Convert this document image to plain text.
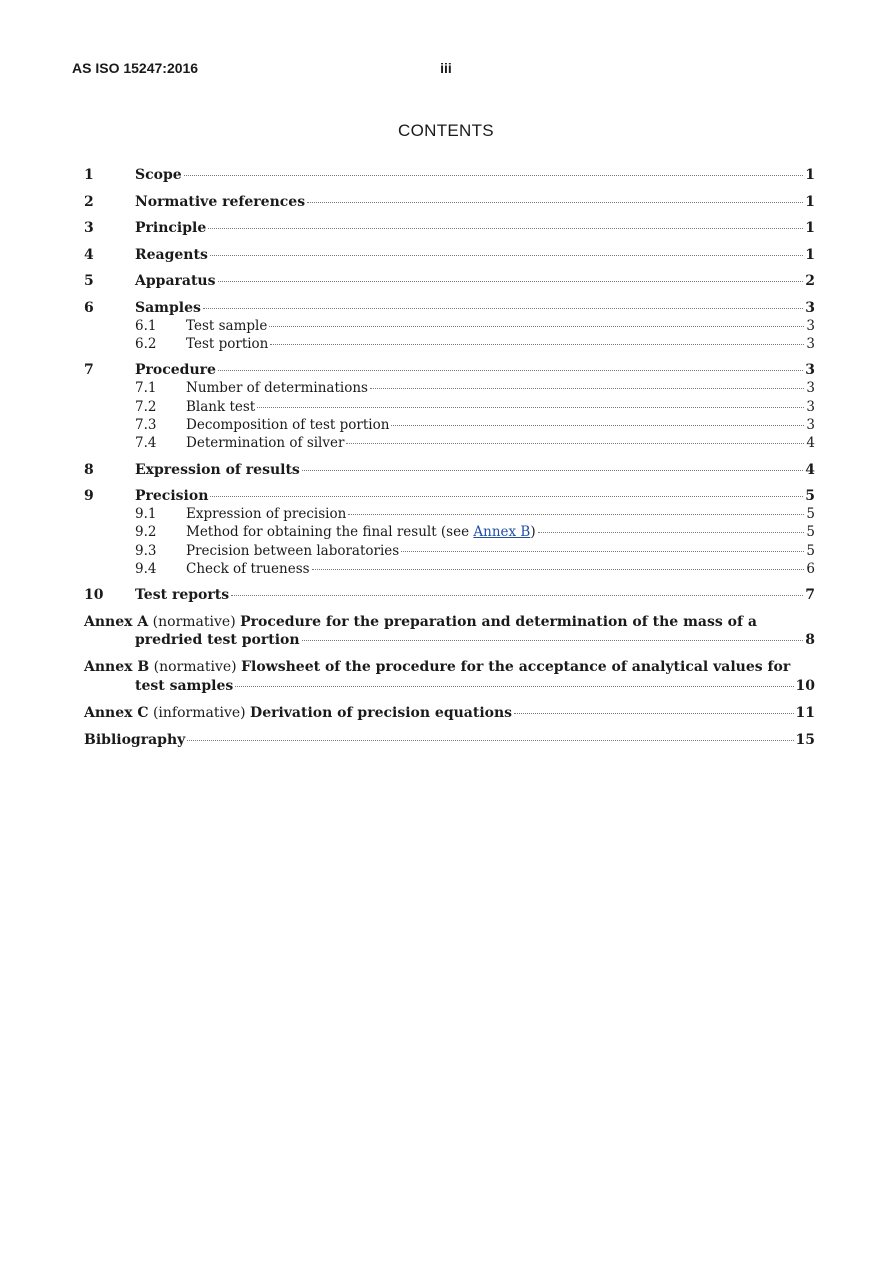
AS ISO 15247:2016	iii
CONTENTS
1	Scope	1
2	Normative references	1
3	Principle	1
4	Reagents	1
5	Apparatus	2
6	Samples	3
6.1	Test sample	3
6.2	Test portion	3
7	Procedure	3
7.1	Number of determinations	3
7.2	Blank test	3
7.3	Decomposition of test portion	3
7.4	Determination of silver	4
8	Expression of results	4
9	Precision	5
9.1	Expression of precision	5
9.2	Method for obtaining the final result (see Annex B)	5
9.3	Precision between laboratories	5
9.4	Check of trueness	6
10	Test reports	7
Annex A (normative) Procedure for the preparation and determination of the mass of a
predried test portion	8
Annex B (normative) Flowsheet of the procedure for the acceptance of analytical values for
test samples	10
Annex C (informative) Derivation of precision equations	11
Bibliography	15
